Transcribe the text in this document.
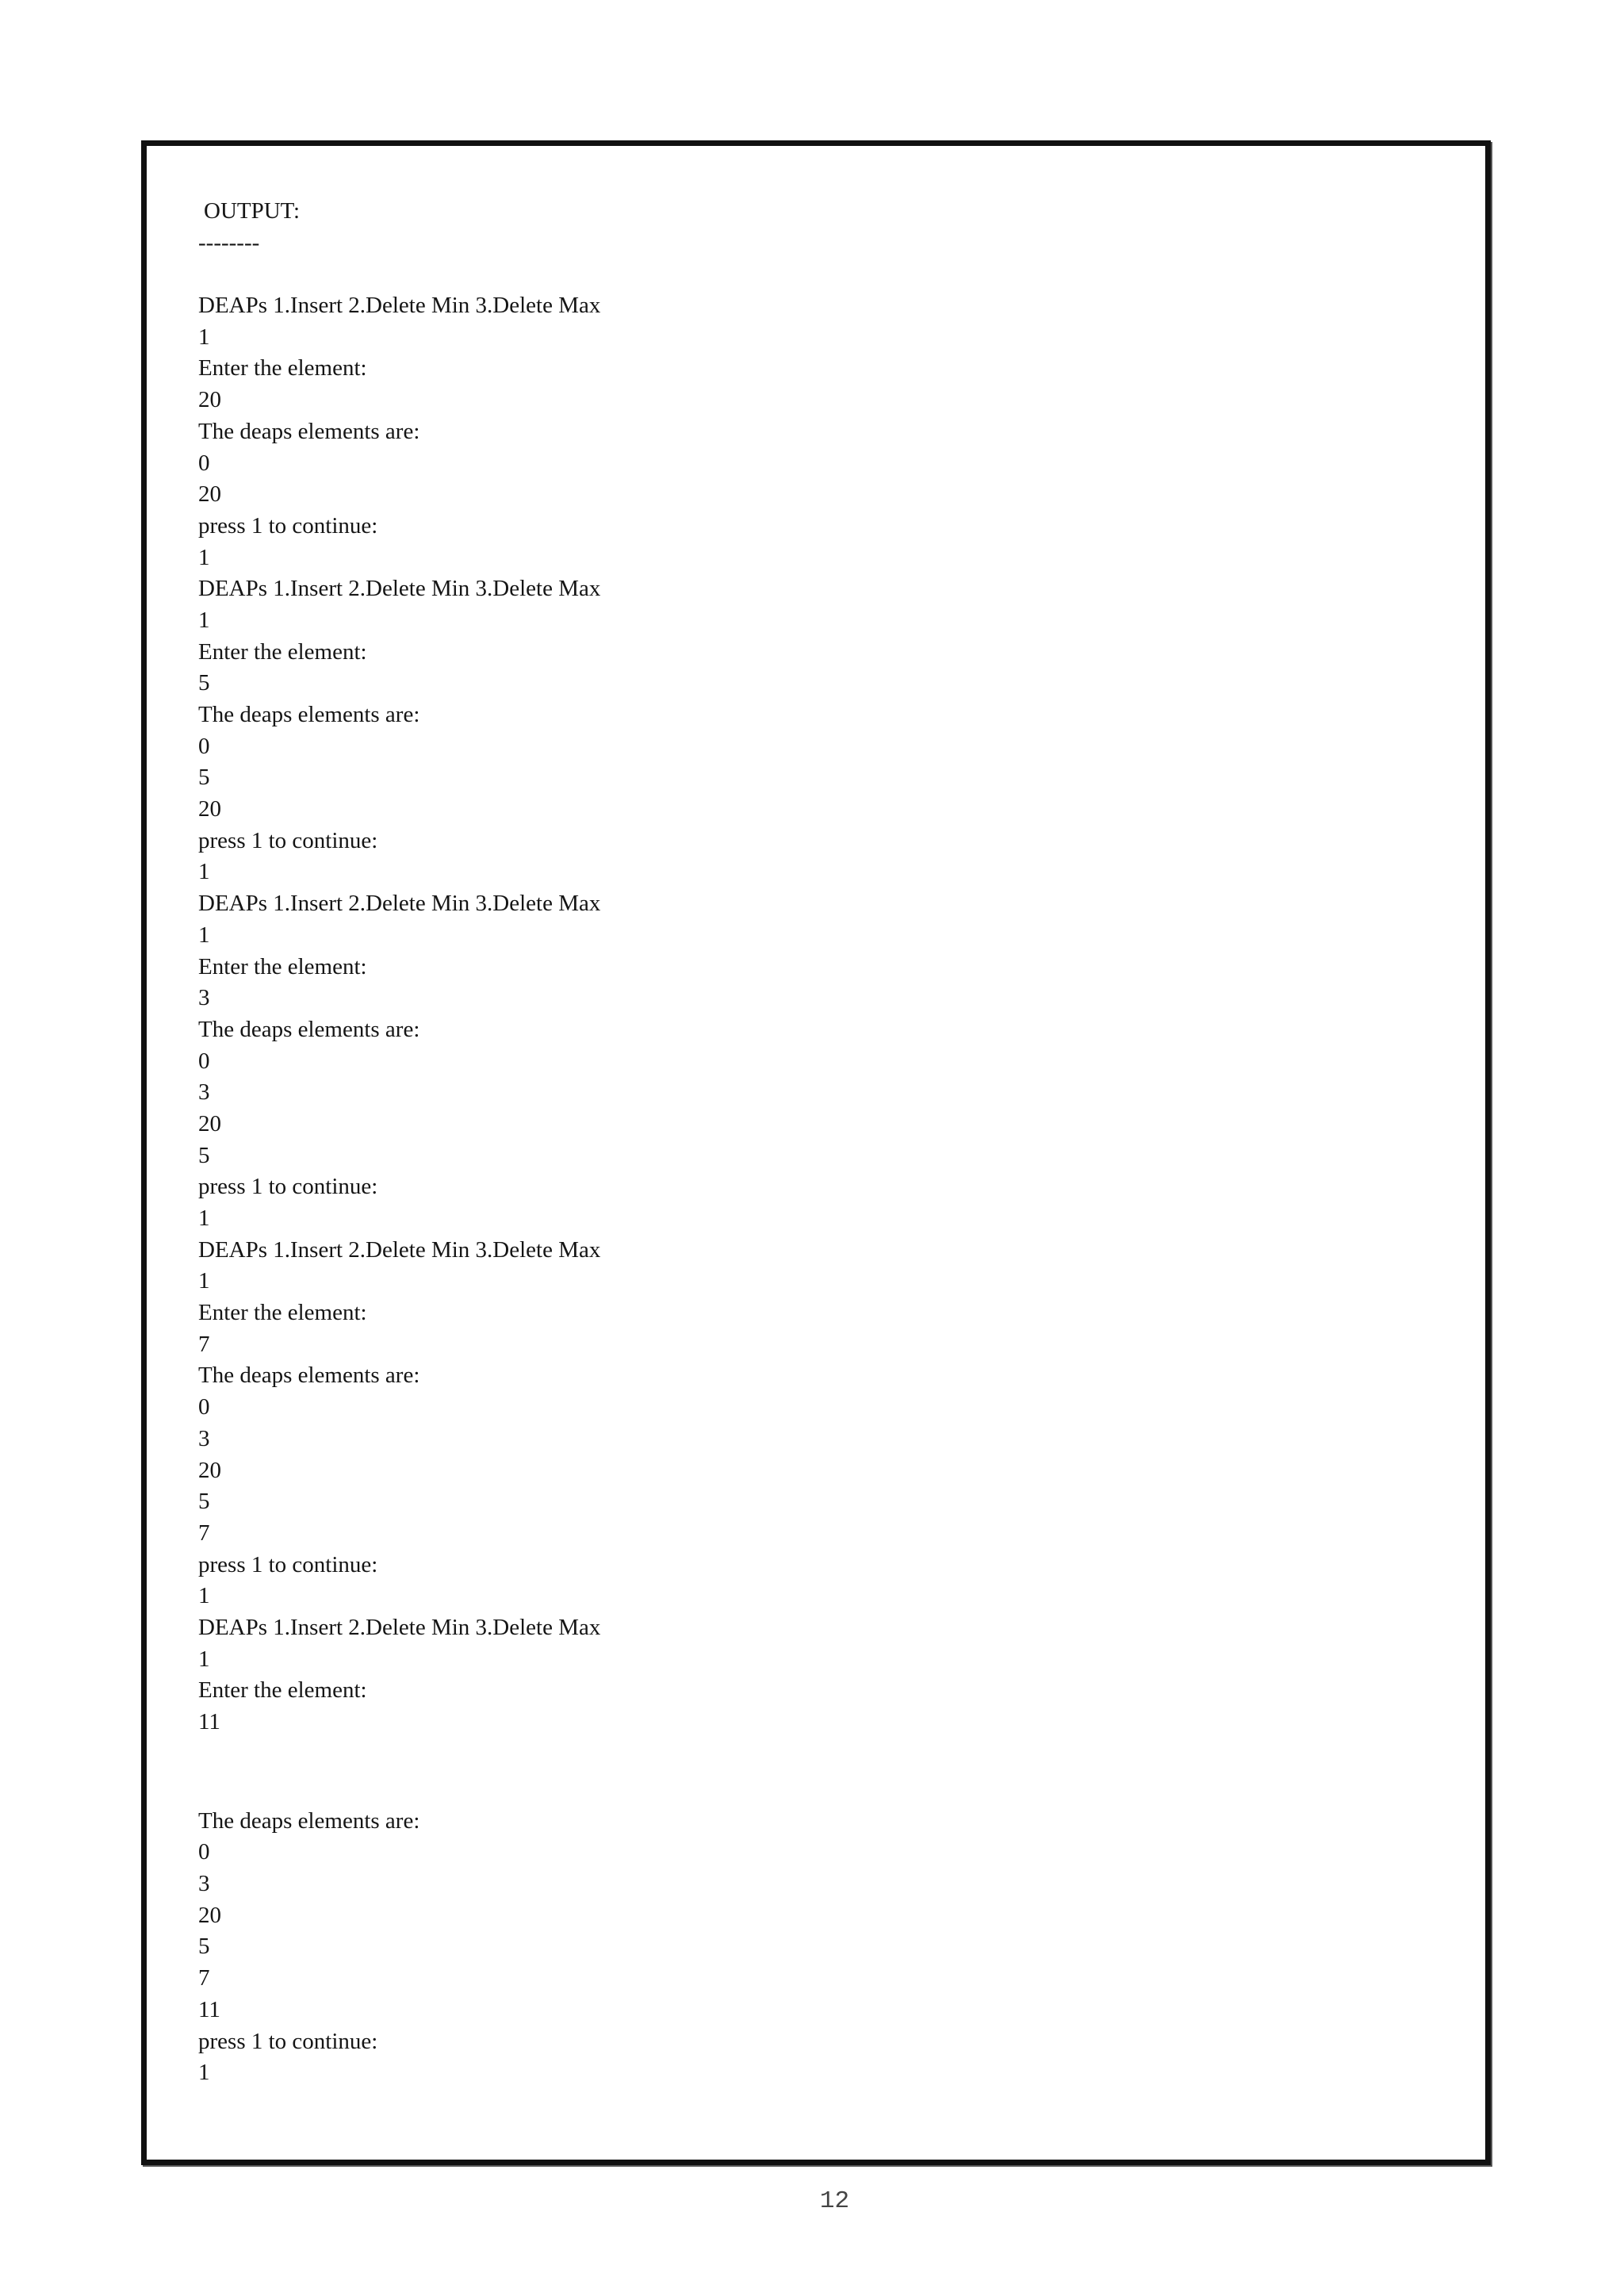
OUTPUT:
--------
DEAPs 1.Insert 2.Delete Min 3.Delete Max
1
Enter the element:
20
The deaps elements are:
0
20
press 1 to continue:
1
DEAPs 1.Insert 2.Delete Min 3.Delete Max
1
Enter the element:
5
The deaps elements are:
0
5
20
press 1 to continue:
1
DEAPs 1.Insert 2.Delete Min 3.Delete Max
1
Enter the element:
3
The deaps elements are:
0
3
20
5
press 1 to continue:
1
DEAPs 1.Insert 2.Delete Min 3.Delete Max
1
Enter the element:
7
The deaps elements are:
0
3
20
5
7
press 1 to continue:
1
DEAPs 1.Insert 2.Delete Min 3.Delete Max
1
Enter the element:
11
The deaps elements are:
0
3
20
5
7
11
press 1 to continue:
1
12
